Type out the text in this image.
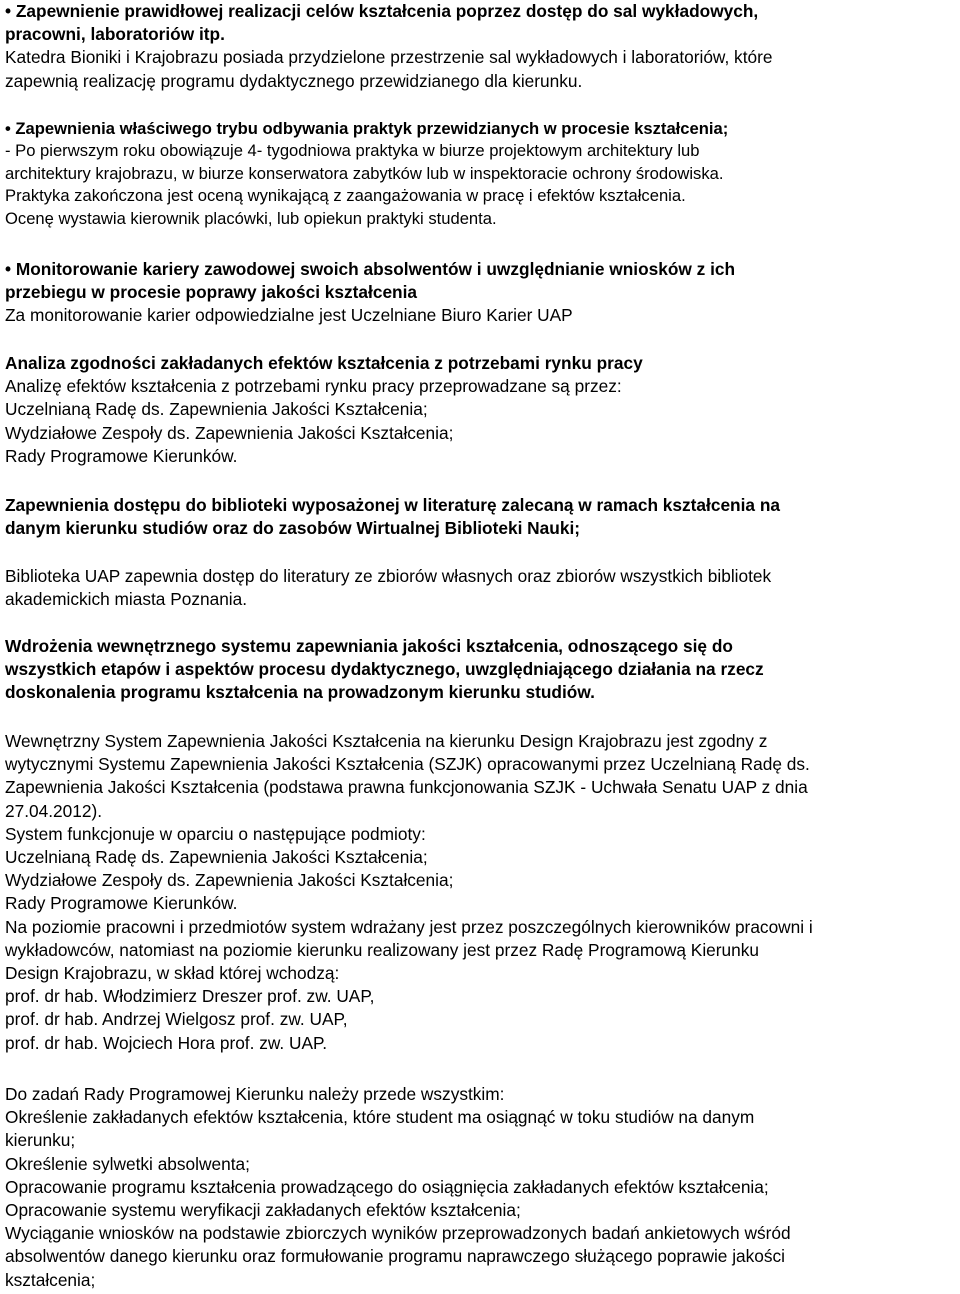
• Zapewnienie prawidłowej realizacji celów kształcenia poprzez dostęp do sal wykładowych,
pracowni, laboratoriów itp.
Katedra Bioniki i Krajobrazu posiada przydzielone przestrzenie sal wykładowych i laboratoriów, które
zapewnią realizację programu dydaktycznego przewidzianego dla kierunku.
• Zapewnienia właściwego trybu odbywania praktyk przewidzianych w procesie kształcenia;
- Po pierwszym roku obowiązuje 4- tygodniowa praktyka w biurze projektowym architektury lub
architektury krajobrazu, w biurze konserwatora zabytków lub w inspektoracie ochrony środowiska.
Praktyka zakończona jest oceną wynikającą z zaangażowania w pracę i efektów kształcenia.
Ocenę wystawia kierownik placówki, lub opiekun praktyki studenta.
• Monitorowanie kariery zawodowej swoich absolwentów i uwzględnianie wniosków z ich
przebiegu w procesie poprawy jakości kształcenia
Za monitorowanie karier odpowiedzialne jest Uczelniane Biuro Karier UAP
Analiza zgodności zakładanych efektów kształcenia z potrzebami rynku pracy
Analizę efektów kształcenia z potrzebami rynku pracy przeprowadzane są przez:
Uczelnianą Radę ds. Zapewnienia Jakości Kształcenia;
Wydziałowe Zespoły ds. Zapewnienia Jakości Kształcenia;
Rady Programowe Kierunków.
Zapewnienia dostępu do biblioteki wyposażonej w literaturę zalecaną w ramach kształcenia na
danym kierunku studiów oraz do zasobów Wirtualnej Biblioteki Nauki;
Biblioteka UAP zapewnia dostęp do literatury ze zbiorów własnych oraz zbiorów wszystkich bibliotek
akademickich miasta Poznania.
Wdrożenia wewnętrznego systemu zapewniania jakości kształcenia, odnoszącego się do
wszystkich etapów i aspektów procesu dydaktycznego, uwzględniającego działania na rzecz
doskonalenia programu kształcenia na prowadzonym kierunku studiów.
Wewnętrzny System Zapewnienia Jakości Kształcenia na kierunku Design Krajobrazu jest zgodny z
wytycznymi Systemu Zapewnienia Jakości Kształcenia (SZJK) opracowanymi przez Uczelnianą Radę ds.
Zapewnienia Jakości Kształcenia (podstawa prawna funkcjonowania SZJK - Uchwała Senatu UAP z dnia
27.04.2012).
System funkcjonuje w oparciu o następujące podmioty:
Uczelnianą Radę ds. Zapewnienia Jakości Kształcenia;
Wydziałowe Zespoły ds. Zapewnienia Jakości Kształcenia;
Rady Programowe Kierunków.
Na poziomie pracowni i przedmiotów system wdrażany jest przez poszczególnych kierowników pracowni i
wykładowców, natomiast na poziomie kierunku realizowany jest przez Radę Programową Kierunku
Design Krajobrazu, w skład której wchodzą:
prof. dr hab. Włodzimierz Dreszer prof. zw. UAP,
prof. dr hab. Andrzej Wielgosz prof. zw. UAP,
prof. dr hab. Wojciech Hora prof. zw. UAP.
Do zadań Rady Programowej Kierunku należy przede wszystkim:
Określenie zakładanych efektów kształcenia, które student ma osiągnąć w toku studiów na danym
kierunku;
Określenie sylwetki absolwenta;
Opracowanie programu kształcenia prowadzącego do osiągnięcia zakładanych efektów kształcenia;
Opracowanie systemu weryfikacji zakładanych efektów kształcenia;
Wyciąganie wniosków na podstawie zbiorczych wyników przeprowadzonych badań ankietowych wśród
absolwentów danego kierunku oraz formułowanie programu naprawczego służącego poprawie jakości
kształcenia;
